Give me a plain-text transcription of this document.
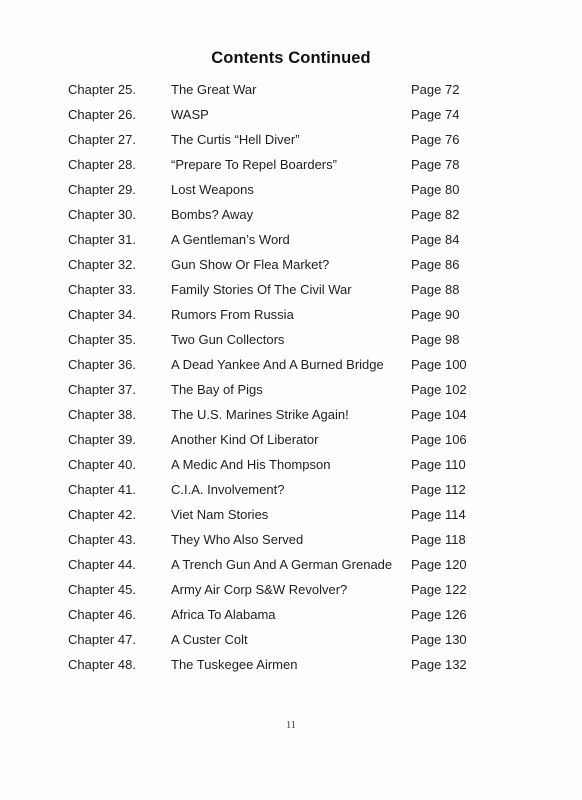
Contents Continued
Chapter 25.	The Great War	Page 72
Chapter 26.	WASP	Page 74
Chapter 27.	The Curtis “Hell Diver”	Page 76
Chapter 28.	“Prepare To Repel Boarders”	Page 78
Chapter 29.	Lost Weapons	Page 80
Chapter 30.	Bombs? Away	Page 82
Chapter 31.	A Gentleman’s Word	Page 84
Chapter 32.	Gun Show Or Flea Market?	Page 86
Chapter 33.	Family Stories Of The Civil War	Page 88
Chapter 34.	Rumors From Russia	Page 90
Chapter 35.	Two Gun Collectors	Page 98
Chapter 36.	A Dead Yankee And A Burned Bridge Page 100
Chapter 37.	The Bay of Pigs	Page 102
Chapter 38.	The U.S. Marines Strike Again!	Page 104
Chapter 39.	Another Kind Of Liberator	Page 106
Chapter 40.	A Medic And His Thompson	Page 110
Chapter 41.	C.I.A. Involvement?	Page 112
Chapter 42.	Viet Nam Stories	Page 114
Chapter 43.	They Who Also Served	Page 118
Chapter 44.	A Trench Gun And A German Grenade Page 120
Chapter 45.	Army Air Corp S&W Revolver?	Page 122
Chapter 46.	Africa To Alabama	Page 126
Chapter 47.	A Custer Colt	Page 130
Chapter 48.	The Tuskegee Airmen	Page 132
11
